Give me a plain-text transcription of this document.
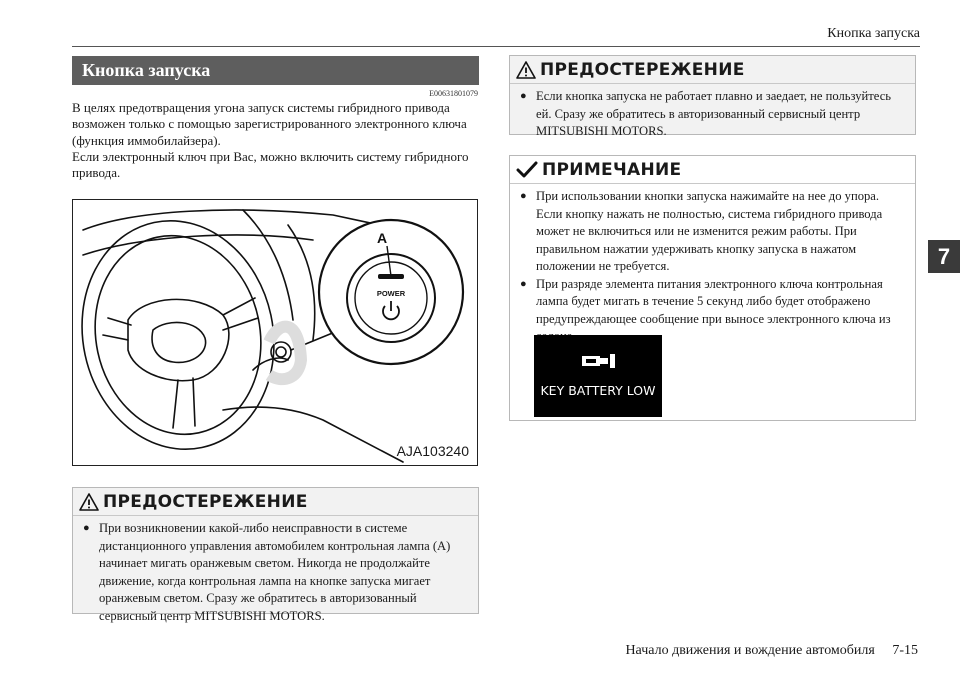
Кнопка запуска
Кнопка запуска
E00631801079

В целях предотвращения угона запуск системы гибридного привода возможен только с помощью зарегистрированного электронного ключа (функция иммобилайзера).

Если электронный ключ при Вас, можно включить систему гибридного привода.

A
POWER
AJA103240
ПРЕДОСТЕРЕЖЕНИЕ
● При возникновении какой-либо неисправности в системе дистанционного управления автомобилем контрольная лампа (A) начинает мигать оранжевым светом. Никогда не продолжайте движение, когда контрольная лампа на кнопке запуска мигает оранжевым светом. Сразу же обратитесь в авторизованный сервисный центр MITSUBISHI MOTORS.
ПРЕДОСТЕРЕЖЕНИЕ
● Если кнопка запуска не работает плавно и заедает, не пользуйтесь ей. Сразу же обратитесь в авторизованный сервисный центр MITSUBISHI MOTORS.
ПРИМЕЧАНИЕ
● При использовании кнопки запуска нажимайте на нее до упора. Если кнопку нажать не полностью, система гибридного привода может не включиться или не изменится режим работы. При правильном нажатии удерживать кнопку запуска в нажатом положении не требуется.
● При разряде элемента питания электронного ключа контрольная лампа будет мигать в течение 5 секунд либо будет отображено предупреждающее сообщение при выносе электронного ключа из
KEY BATTERY LOW
7
Начало движения и вождение автомобиля     7-15
